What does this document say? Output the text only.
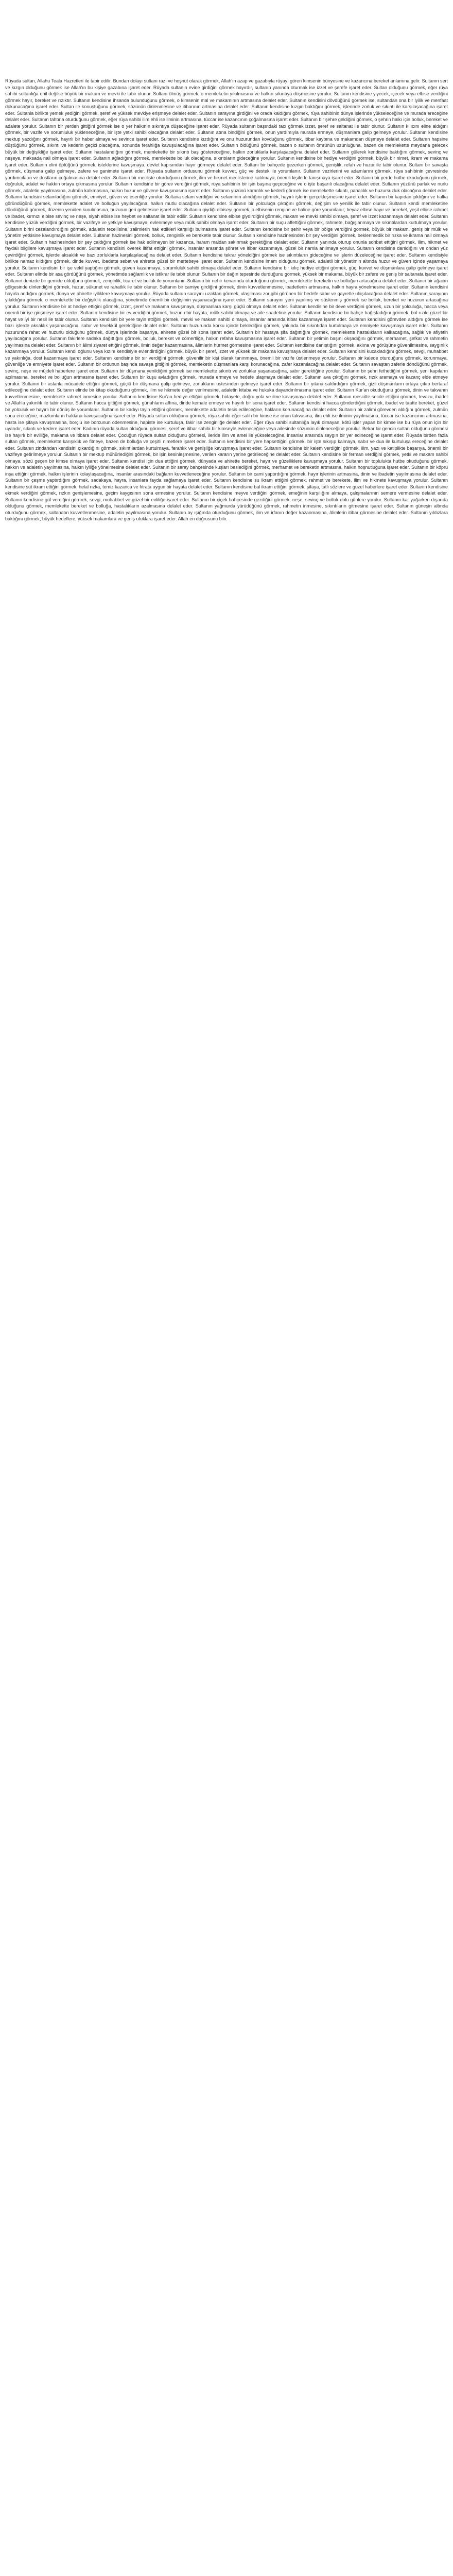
Rüyada sultan, Allahu Teala Hazretleri ile tabir edilir. Bundan dolayı sultanı razı ve hoşnut olarak görmek, Allah'ın azap ve gazabıyla rüyayı gören kimsenin bünyesine ve kazancına bereket anlamına gelir. Sultanın sert ve kızgın olduğunu görmek ise Allah'ın bu kişiye gazabına işaret eder. Rüyada sultanın evine girdiğini görmek hayırdır, sultanın yanında oturmak ise izzet ve şerefe işaret eder. Sultan olduğunu görmek, eğer rüya sahibi sultanlığa ehil değilse büyük bir makam ve mevki ile tabir olunur. Sultanı ölmüş görmek, o memleketin yıkılmasına ve halkın sıkıntıya düşmesine yorulur. Sultanın kendisine yiyecek, içecek veya elbise verdiğini görmek hayır, bereket ve rızıktır. Sultanın kendisine ihsanda bulunduğunu görmek, o kimsenin mal ve makamının artmasına delalet eder. Sultanın kendisini dövdüğünü görmek ise, sultandan ona bir iyilik ve menfaat dokunacağına işaret eder. Sultan ile konuştuğunu görmek, sözünün dinlenmesine ve itibarının artmasına delalet eder. Sultanın kendisine kızgın baktığını görmek, işlerinde zorluk ve sıkıntı ile karşılaşacağına işaret eder. Sultanla birlikte yemek yediğini görmek, şeref ve yüksek mevkiye erişmeye delalet eder. Sultanın sarayına girdiğini ve orada kaldığını görmek, rüya sahibinin dünya işlerinde yükseleceğine ve murada ereceğine delalet eder. Sultanın tahtına oturduğunu görmek, eğer rüya sahibi ilim ehli ise ilminin artmasına, tüccar ise kazancının çoğalmasına işaret eder. Sultanın bir şehre geldiğini görmek, o şehrin halkı için bolluk, bereket ve adalete yorulur. Sultanın bir yerden gittiğini görmek ise o yer halkının sıkıntıya düşeceğine işaret eder. Rüyada sultanın başındaki tacı görmek izzet, şeref ve saltanat ile tabir olunur. Sultanın kılıcını eline aldığını görmek, bir vazife ve sorumluluk yükleneceğine, bir işte yetki sahibi olacağına delalet eder. Sultanın atına bindiğini görmek, onun yardımıyla murada ermeye, düşmanlara galip gelmeye yorulur. Sultanın kendisine mektup yazdığını görmek, hayırlı bir haber almaya ve sevince işaret eder. Sultanın kendisine kızdığını ve onu huzurundan kovduğunu görmek, itibar kaybına ve makamdan düşmeye delalet eder. Sultanın hapsine düştüğünü görmek, sıkıntı ve kederin geçici olacağına, sonunda ferahlığa kavuşulacağına işaret eder. Sultanın öldüğünü görmek, bazen o sultanın ömrünün uzunluğuna, bazen de memlekette meydana gelecek büyük bir değişikliğe işaret eder. Sultanın hastalandığını görmek, memlekette bir sıkıntı baş göstereceğine, halkın zorluklarla karşılaşacağına delalet eder. Sultanın gülerek kendisine baktığını görmek, sevinç ve neşeye, maksada nail olmaya işaret eder. Sultanın ağladığını görmek, memlekette bolluk olacağına, sıkıntıların gideceğine yorulur. Sultanın kendisine bir hediye verdiğini görmek, büyük bir nimet, ikram ve makama işaret eder. Sultanın elini öptüğünü görmek, isteklerine kavuşmaya, devlet kapısından hayır görmeye delalet eder. Sultanı bir bahçede gezerken görmek, genişlik, refah ve huzur ile tabir olunur. Sultanı bir savaşta görmek, düşmana galip gelmeye, zafere ve ganimete işaret eder. Rüyada sultanın ordusunu görmek kuvvet, güç ve destek ile yorumlanır. Sultanın vezirlerini ve adamlarını görmek, rüya sahibinin çevresinde yardımcıların ve dostların çoğalmasına delalet eder. Sultanın bir mecliste oturduğunu görmek, ilim ve hikmet meclislerine katılmaya, önemli kişilerle tanışmaya işaret eder. Sultanın bir yerde hutbe okuduğunu görmek, doğruluk, adalet ve hakkın ortaya çıkmasına yorulur. Sultanın kendisine bir görev verdiğini görmek, rüya sahibinin bir işin başına geçeceğine ve o işte başarılı olacağına delalet eder. Sultanın yüzünü parlak ve nurlu görmek, adaletin yayılmasına, zulmün kalkmasına, halkın huzur ve güvene kavuşmasına işaret eder. Sultanın yüzünü karanlık ve kederli görmek ise memlekette sıkıntı, pahalılık ve huzursuzluk olacağına delalet eder. Sultanın kendisini selamladığını görmek, emniyet, güven ve esenliğe yorulur. Sultana selam verdiğini ve selamının alındığını görmek, hayırlı işlerin gerçekleşmesine işaret eder. Sultanın bir kapıdan çıktığını ve halka göründüğünü görmek, memlekette adalet ve bolluğun yayılacağına, halkın mutlu olacağına delalet eder. Sultanın bir yolculuğa çıktığını görmek, değişim ve yenilik ile tabir olunur. Sultanın kendi memleketine döndüğünü görmek, düzenin yeniden kurulmasına, huzurun geri gelmesine işaret eder. Sultanın giydiği elbiseyi görmek, o elbisenin rengine ve haline göre yorumlanır; beyaz elbise hayır ve bereket, yeşil elbise rahmet ve ibadet, kırmızı elbise sevinç ve neşe, siyah elbise ise heybet ve saltanat ile tabir edilir. Sultanın kendisine elbise giydirdiğini görmek, makam ve mevki sahibi olmaya, şeref ve izzet kazanmaya delalet eder. Sultanın kendisine yüzük verdiğini görmek, bir vazifeye ve yetkiye kavuşmaya, evlenmeye veya mülk sahibi olmaya işaret eder. Sultanın bir suçu affettiğini görmek, rahmete, bağışlanmaya ve sıkıntılardan kurtulmaya yorulur. Sultanın birini cezalandırdığını görmek, adaletin tecellisine, zalimlerin hak ettikleri karşılığı bulmasına işaret eder. Sultanın kendisine bir şehir veya bir bölge verdiğini görmek, büyük bir makam, geniş bir mülk ve yönetim yetkisine kavuşmaya delalet eder. Sultanın hazinesini görmek, bolluk, zenginlik ve bereketle tabir olunur. Sultanın kendisine hazinesinden bir şey verdiğini görmek, beklenmedik bir rızka ve ikrama nail olmaya işaret eder. Sultanın hazinesinden bir şey çaldığını görmek ise hak edilmeyen bir kazanca, haram maldan sakınmak gerektiğine delalet eder. Sultanın yanında oturup onunla sohbet ettiğini görmek, ilim, hikmet ve faydalı bilgilere kavuşmaya işaret eder. Sultanın kendisini överek iltifat ettiğini görmek, insanlar arasında şöhret ve itibar kazanmaya, güzel bir namla anılmaya yorulur. Sultanın kendisine darıldığını ve ondan yüz çevirdiğini görmek, işlerde aksaklık ve bazı zorluklarla karşılaşılacağına delalet eder. Sultanın kendisine tekrar yöneldiğini görmek ise sıkıntıların gideceğine ve işlerin düzeleceğine işaret eder. Sultanın kendisiyle birlikte namaz kıldığını görmek, dinde kuvvet, ibadette sebat ve ahirette güzel bir mertebeye işaret eder. Sultanın kendisine imam olduğunu görmek, adaletli bir yönetimin altında huzur ve güven içinde yaşamaya yorulur. Sultanın kendisini bir işe vekil yaptığını görmek, güven kazanmaya, sorumluluk sahibi olmaya delalet eder. Sultanın kendisine bir kılıç hediye ettiğini görmek, güç, kuvvet ve düşmanlara galip gelmeye işaret eder. Sultanın elinde bir asa gördüğünü görmek, yönetimde sağlamlık ve istikrar ile tabir olunur. Sultanın bir dağın tepesinde durduğunu görmek, yüksek bir makama, büyük bir zafere ve geniş bir saltanata işaret eder. Sultanın denizde bir gemide olduğunu görmek, zenginlik, ticaret ve bolluk ile yorumlanır. Sultanın bir nehir kenarında oturduğunu görmek, memlekette bereketin ve bolluğun artacağına delalet eder. Sultanın bir ağacın gölgesinde dinlendiğini görmek, huzur, sükunet ve rahatlık ile tabir olunur. Sultanın bir camiye girdiğini görmek, dinin kuvvetlenmesine, ibadetlerin artmasına, halkın hayra yönelmesine işaret eder. Sultanın kendisini hayırla andığını görmek, dünya ve ahirette iyiliklere kavuşmaya yorulur. Rüyada sultanın sarayını uzaktan görmek, ulaşılması zor gibi görünen bir hedefe sabır ve gayretle ulaşılacağına delalet eder. Sultanın sarayının yıkıldığını görmek, o memlekette bir değişiklik olacağına, yönetimde önemli bir değişimin yaşanacağına işaret eder. Sultanın sarayını yeni yapılmış ve süslenmiş görmek ise bolluk, bereket ve huzurun artacağına yorulur. Sultanın kendisine bir at hediye ettiğini görmek, izzet, şeref ve makama kavuşmaya, düşmanlara karşı güçlü olmaya delalet eder. Sultanın kendisine bir deve verdiğini görmek, uzun bir yolculuğa, hacca veya önemli bir işe girişmeye işaret eder. Sultanın kendisine bir ev verdiğini görmek, huzurlu bir hayata, mülk sahibi olmaya ve aile saadetine yorulur. Sultanın kendisine bir bahçe bağışladığını görmek, bol rızık, güzel bir hayat ve iyi bir nesil ile tabir olunur. Sultanın kendisini bir yere tayin ettiğini görmek, mevki ve makam sahibi olmaya, insanlar arasında itibar kazanmaya işaret eder. Sultanın kendisini görevden aldığını görmek ise bazı işlerde aksaklık yaşanacağına, sabır ve tevekkül gerektiğine delalet eder. Sultanın huzurunda korku içinde beklediğini görmek, yakında bir sıkıntıdan kurtulmaya ve emniyete kavuşmaya işaret eder. Sultanın huzurunda rahat ve huzurlu olduğunu görmek, dünya işlerinde başarıya, ahirette güzel bir sona işaret eder. Sultanın bir hastaya şifa dağıttığını görmek, memlekette hastalıkların kalkacağına, sağlık ve afiyetin yayılacağına yorulur. Sultanın fakirlere sadaka dağıttığını görmek, bolluk, bereket ve cömertliğe, halkın refaha kavuşmasına işaret eder. Sultanın bir yetimin başını okşadığını görmek, merhamet, şefkat ve rahmetin yayılmasına delalet eder. Sultanın bir âlimi ziyaret ettiğini görmek, ilmin değer kazanmasına, âlimlerin hürmet görmesine işaret eder. Sultanın kendisine danıştığını görmek, aklına ve görüşüne güvenilmesine, saygınlık kazanmaya yorulur. Sultanın kendi oğlunu veya kızını kendisiyle evlendirdiğini görmek, büyük bir şeref, izzet ve yüksek bir makama kavuşmaya delalet eder. Sultanın kendisini kucakladığını görmek, sevgi, muhabbet ve yakınlığa, dost kazanmaya işaret eder. Sultanın kendisine bir sır verdiğini görmek, güvenilir bir kişi olarak tanınmaya, önemli bir vazife üstlenmeye yorulur. Sultanın bir kalede oturduğunu görmek, korunmaya, güvenliğe ve emniyete işaret eder. Sultanın bir ordunun başında savaşa gittiğini görmek, memleketin düşmanlara karşı korunacağına, zafer kazanılacağına delalet eder. Sultanın savaştan zaferle döndüğünü görmek, sevinç, neşe ve müjdeli haberlere işaret eder. Sultanın bir düşmana yenildiğini görmek ise memlekette sıkıntı ve zorluklar yaşanacağına, sabır gerektiğine yorulur. Sultanın bir şehri fethettiğini görmek, yeni kapıların açılmasına, bereket ve bolluğun artmasına işaret eder. Sultanın bir kuşu avladığını görmek, murada ermeye ve hedefe ulaşmaya delalet eder. Sultanın ava çıktığını görmek, rızık aramaya ve kazanç elde etmeye yorulur. Sultanın bir aslanla mücadele ettiğini görmek, güçlü bir düşmana galip gelmeye, zorlukların üstesinden gelmeye işaret eder. Sultanın bir yılana saldırdığını görmek, gizli düşmanların ortaya çıkıp bertaraf edileceğine delalet eder. Sultanın elinde bir kitap okuduğunu görmek, ilim ve hikmete değer verilmesine, adaletin kitaba ve hukuka dayandırılmasına işaret eder. Sultanın Kur'an okuduğunu görmek, dinin ve takvanın kuvvetlenmesine, memlekete rahmet inmesine yorulur. Sultanın kendisine Kur'an hediye ettiğini görmek, hidayete, doğru yola ve ilme kavuşmaya delalet eder. Sultanın mescitte secde ettiğini görmek, tevazu, ibadet ve Allah'a yakınlık ile tabir olunur. Sultanın hacca gittiğini görmek, günahların affına, dinde kemale ermeye ve hayırlı bir sona işaret eder. Sultanın kendisini hacca gönderdiğini görmek, ibadet ve taatte bereket, güzel bir yolculuk ve hayırlı bir dönüş ile yorumlanır. Sultanın bir kadıyı tayin ettiğini görmek, memlekette adaletin tesis edileceğine, hakların korunacağına delalet eder. Sultanın bir zalimi görevden aldığını görmek, zulmün sona ereceğine, mazlumların hakkına kavuşacağına işaret eder. Rüyada sultan olduğunu görmek, rüya sahibi eğer salih bir kimse ise onun takvasına, ilim ehli ise ilminin yayılmasına, tüccar ise kazancının artmasına, hasta ise şifaya kavuşmasına, borçlu ise borcunun ödenmesine, hapiste ise kurtuluşa, fakir ise zenginliğe delalet eder. Eğer rüya sahibi sultanlığa layık olmayan, kötü işler yapan bir kimse ise bu rüya onun için bir uyarıdır, sıkıntı ve kedere işaret eder. Kadının rüyada sultan olduğunu görmesi, şeref ve itibar sahibi bir kimseyle evleneceğine veya ailesinde sözünün dinleneceğine yorulur. Bekar bir gencin sultan olduğunu görmesi ise hayırlı bir evliliğe, makama ve itibara delalet eder. Çocuğun rüyada sultan olduğunu görmesi, ileride ilim ve amel ile yükseleceğine, insanlar arasında saygın bir yer edineceğine işaret eder. Rüyada birden fazla sultan görmek, memlekette karışıklık ve fitneye, bazen de bolluğa ve çeşitli nimetlere işaret eder. Sultanın kendisini bir yere hapsettiğini görmek, bir işte sıkışıp kalmaya, sabır ve dua ile kurtuluşa ereceğine delalet eder. Sultanın zindandan kendisini çıkardığını görmek, sıkıntılardan kurtulmaya, ferahlık ve genişliğe kavuşmaya işaret eder. Sultanın kendisine bir kalem verdiğini görmek, ilim, yazı ve katiplikte başarıya, önemli bir vazifeye getirilmeye yorulur. Sultanın bir mektup mühürlediğini görmek, bir işin kesinleşmesine, verilen kararın yerine getirileceğine delalet eder. Sultanın kendisine bir ferman verdiğini görmek, yetki ve makam sahibi olmaya, sözü geçen bir kimse olmaya işaret eder. Sultanın kendisi için dua ettiğini görmek, dünyada ve ahirette bereket, hayır ve güzelliklere kavuşmaya yorulur. Sultanın bir toplulukta hutbe okuduğunu görmek, hakkın ve adaletin yayılmasına, halkın iyiliğe yönelmesine delalet eder. Sultanın bir saray bahçesinde kuşları beslediğini görmek, merhamet ve bereketin artmasına, halkın hoşnutluğuna işaret eder. Sultanın bir köprü inşa ettiğini görmek, halkın işlerinin kolaylaşacağına, insanlar arasındaki bağların kuvvetleneceğine yorulur. Sultanın bir cami yaptırdığını görmek, hayır işlerinin artmasına, dinin ve ibadetin yayılmasına delalet eder. Sultanın bir çeşme yaptırdığını görmek, sadakaya, hayra, insanlara fayda sağlamaya işaret eder. Sultanın kendisine su ikram ettiğini görmek, rahmet ve berekete, ilim ve hikmete kavuşmaya yorulur. Sultanın kendisine süt ikram ettiğini görmek, helal rızka, temiz kazanca ve fıtrata uygun bir hayata delalet eder. Sultanın kendisine bal ikram ettiğini görmek, şifaya, tatlı sözlere ve güzel haberlere işaret eder. Sultanın kendisine ekmek verdiğini görmek, rızkın genişlemesine, geçim kaygısının sona ermesine yorulur. Sultanın kendisine meyve verdiğini görmek, emeğinin karşılığını almaya, çalışmalarının semere vermesine delalet eder. Sultanın kendisine gül verdiğini görmek, sevgi, muhabbet ve güzel bir evliliğe işaret eder. Sultanın bir çiçek bahçesinde gezdiğini görmek, neşe, sevinç ve bolluk dolu günlere yorulur. Sultanın kar yağarken dışarıda olduğunu görmek, memlekette bereket ve bolluğa, hastalıkların azalmasına delalet eder. Sultanın yağmurda yürüdüğünü görmek, rahmetin inmesine, sıkıntıların gitmesine işaret eder. Sultanın güneşin altında oturduğunu görmek, saltanatın kuvvetlenmesine, adaletin yayılmasına yorulur. Sultanın ay ışığında oturduğunu görmek, ilim ve irfanın değer kazanmasına, âlimlerin itibar görmesine delalet eder. Sultanın yıldızlara baktığını görmek, büyük hedeflere, yüksek makamlara ve geniş ufuklara işaret eder. Allah en doğrusunu bilir.
